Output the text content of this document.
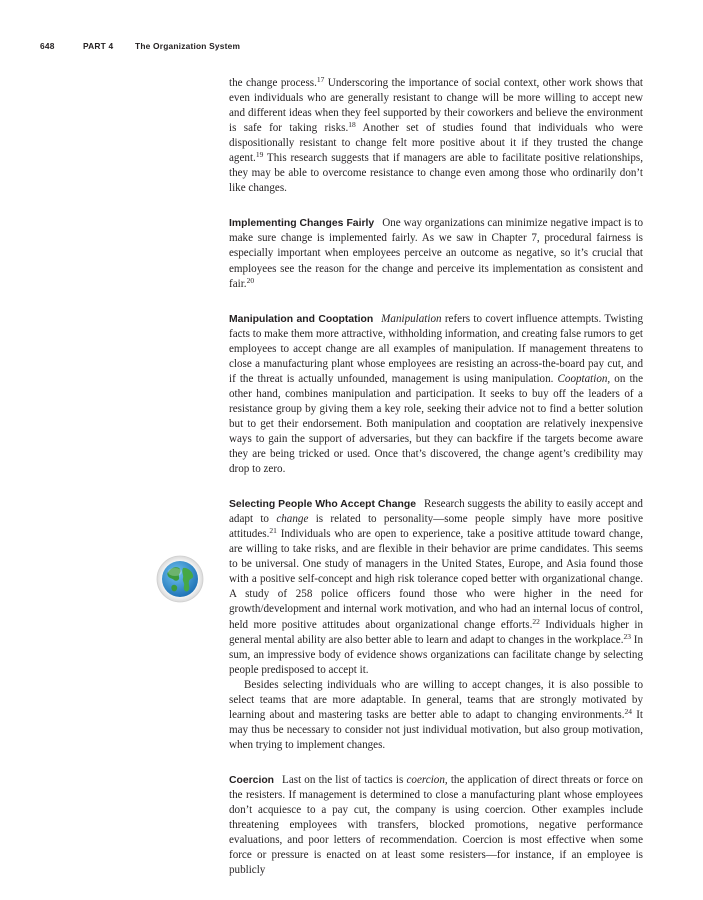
648	PART 4	The Organization System

the change process.$^{17}$ Underscoring the importance of social context, other work shows that even individuals who are generally resistant to change will be more willing to accept new and different ideas when they feel supported by their coworkers and believe the environment is safe for taking risks.$^{18}$ Another set of studies found that individuals who were dispositionally resistant to change felt more positive about it if they trusted the change agent.$^{19}$ This research suggests that if managers are able to facilitate positive relationships, they may be able to overcome resistance to change even among those who ordinarily don’t like changes.

Implementing Changes Fairly One way organizations can minimize negative impact is to make sure change is implemented fairly. As we saw in Chapter 7, procedural fairness is especially important when employees perceive an outcome as negative, so it’s crucial that employees see the reason for the change and perceive its implementation as consistent and fair.$^{20}$

Manipulation and Cooptation Manipulation refers to covert influence attempts. Twisting facts to make them more attractive, withholding information, and creating false rumors to get employees to accept change are all examples of manipulation. If management threatens to close a manufacturing plant whose employees are resisting an across-the-board pay cut, and if the threat is actually unfounded, management is using manipulation. Cooptation, on the other hand, combines manipulation and participation. It seeks to buy off the leaders of a resistance group by giving them a key role, seeking their advice not to find a better solution but to get their endorsement. Both manipulation and cooptation are relatively inexpensive ways to gain the support of adversaries, but they can backfire if the targets become aware they are being tricked or used. Once that’s discovered, the change agent’s credibility may drop to zero.

Selecting People Who Accept Change Research suggests the ability to easily accept and adapt to change is related to personality—some people simply have more positive attitudes.$^{21}$ Individuals who are open to experience, take a positive attitude toward change, are willing to take risks, and are flexible in their behavior are prime candidates. This seems to be universal. One study of managers in the United States, Europe, and Asia found those with a positive self-concept and high risk tolerance coped better with organizational change. A study of 258 police officers found those who were higher in the need for growth/development and internal work motivation, and who had an internal locus of control, held more positive attitudes about organizational change efforts.$^{22}$ Individuals higher in general mental ability are also better able to learn and adapt to changes in the workplace.$^{23}$ In sum, an impressive body of evidence shows organizations can facilitate change by selecting people predisposed to accept it.

Besides selecting individuals who are willing to accept changes, it is also possible to select teams that are more adaptable. In general, teams that are strongly motivated by learning about and mastering tasks are better able to adapt to changing environments.$^{24}$ It may thus be necessary to consider not just individual motivation, but also group motivation, when trying to implement changes.

Coercion Last on the list of tactics is coercion, the application of direct threats or force on the resisters. If management is determined to close a manufacturing plant whose employees don’t acquiesce to a pay cut, the company is using coercion. Other examples include threatening employees with transfers, blocked promotions, negative performance evaluations, and poor letters of recommendation. Coercion is most effective when some force or pressure is enacted on at least some resisters—for instance, if an employee is publicly
